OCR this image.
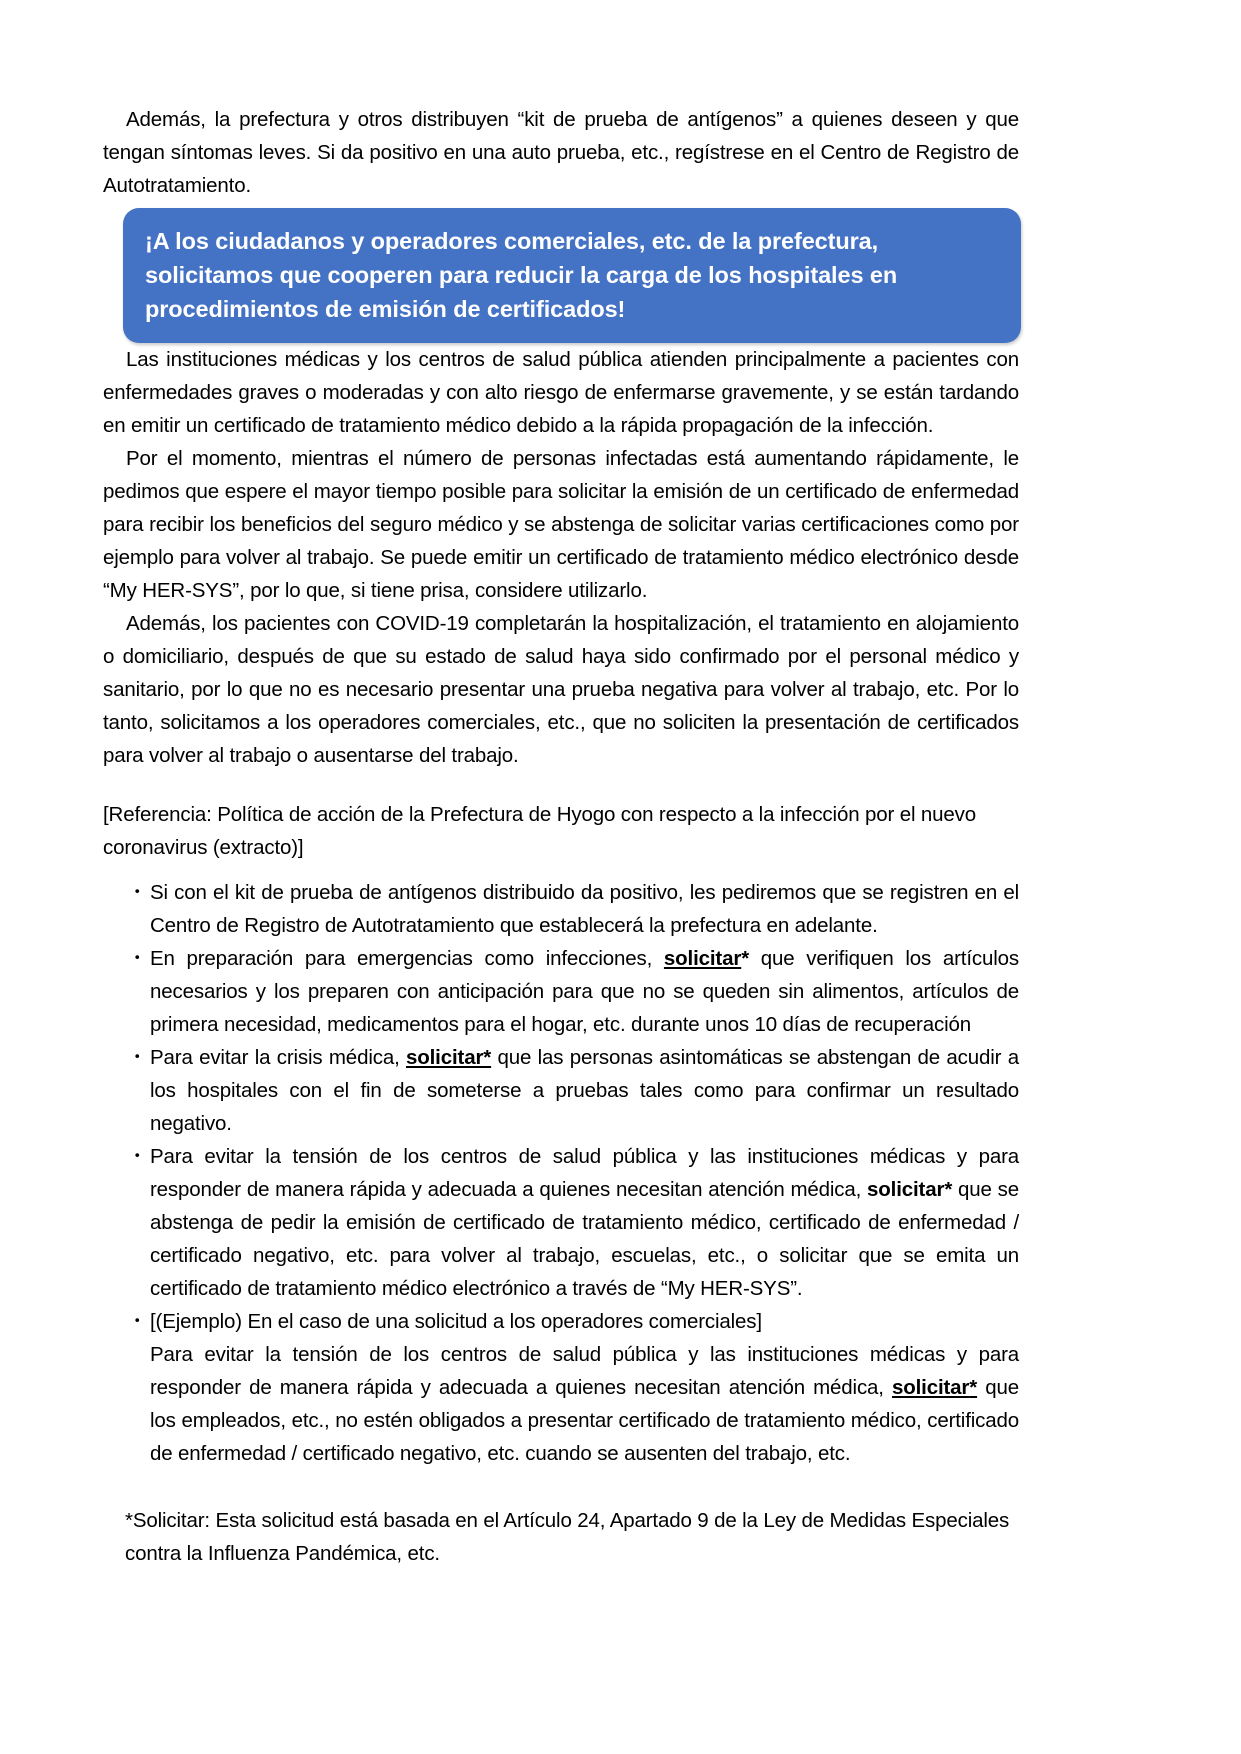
Además, la prefectura y otros distribuyen “kit de prueba de antígenos” a quienes deseen y que tengan síntomas leves. Si da positivo en una auto prueba, etc., regístrese en el Centro de Registro de Autotratamiento.

¡A los ciudadanos y operadores comerciales, etc. de la prefectura,
solicitamos que cooperen para reducir la carga de los hospitales en
procedimientos de emisión de certificados!

Las instituciones médicas y los centros de salud pública atienden principalmente a pacientes con enfermedades graves o moderadas y con alto riesgo de enfermarse gravemente, y se están tardando en emitir un certificado de tratamiento médico debido a la rápida propagación de la infección.

Por el momento, mientras el número de personas infectadas está aumentando rápidamente, le pedimos que espere el mayor tiempo posible para solicitar la emisión de un certificado de enfermedad para recibir los beneficios del seguro médico y se abstenga de solicitar varias certificaciones como por ejemplo para volver al trabajo. Se puede emitir un certificado de tratamiento médico electrónico desde “My HER-SYS”, por lo que, si tiene prisa, considere utilizarlo.

Además, los pacientes con COVID-19 completarán la hospitalización, el tratamiento en alojamiento o domiciliario, después de que su estado de salud haya sido confirmado por el personal médico y sanitario, por lo que no es necesario presentar una prueba negativa para volver al trabajo, etc. Por lo tanto, solicitamos a los operadores comerciales, etc., que no soliciten la presentación de certificados para volver al trabajo o ausentarse del trabajo.

[Referencia: Política de acción de la Prefectura de Hyogo con respecto a la infección por el nuevo coronavirus (extracto)]

・ Si con el kit de prueba de antígenos distribuido da positivo, les pediremos que se registren en el Centro de Registro de Autotratamiento que establecerá la prefectura en adelante.
・ En preparación para emergencias como infecciones, solicitar* que verifiquen los artículos necesarios y los preparen con anticipación para que no se queden sin alimentos, artículos de primera necesidad, medicamentos para el hogar, etc. durante unos 10 días de recuperación
・ Para evitar la crisis médica, solicitar* que las personas asintomáticas se abstengan de acudir a los hospitales con el fin de someterse a pruebas tales como para confirmar un resultado negativo.
・ Para evitar la tensión de los centros de salud pública y las instituciones médicas y para responder de manera rápida y adecuada a quienes necesitan atención médica, solicitar* que se abstenga de pedir la emisión de certificado de tratamiento médico, certificado de enfermedad / certificado negativo, etc. para volver al trabajo, escuelas, etc., o solicitar que se emita un certificado de tratamiento médico electrónico a través de “My HER-SYS”.
・ [(Ejemplo) En el caso de una solicitud a los operadores comerciales]
Para evitar la tensión de los centros de salud pública y las instituciones médicas y para responder de manera rápida y adecuada a quienes necesitan atención médica, solicitar* que los empleados, etc., no estén obligados a presentar certificado de tratamiento médico, certificado de enfermedad / certificado negativo, etc. cuando se ausenten del trabajo, etc.

*Solicitar: Esta solicitud está basada en el Artículo 24, Apartado 9 de la Ley de Medidas Especiales contra la Influenza Pandémica, etc.
